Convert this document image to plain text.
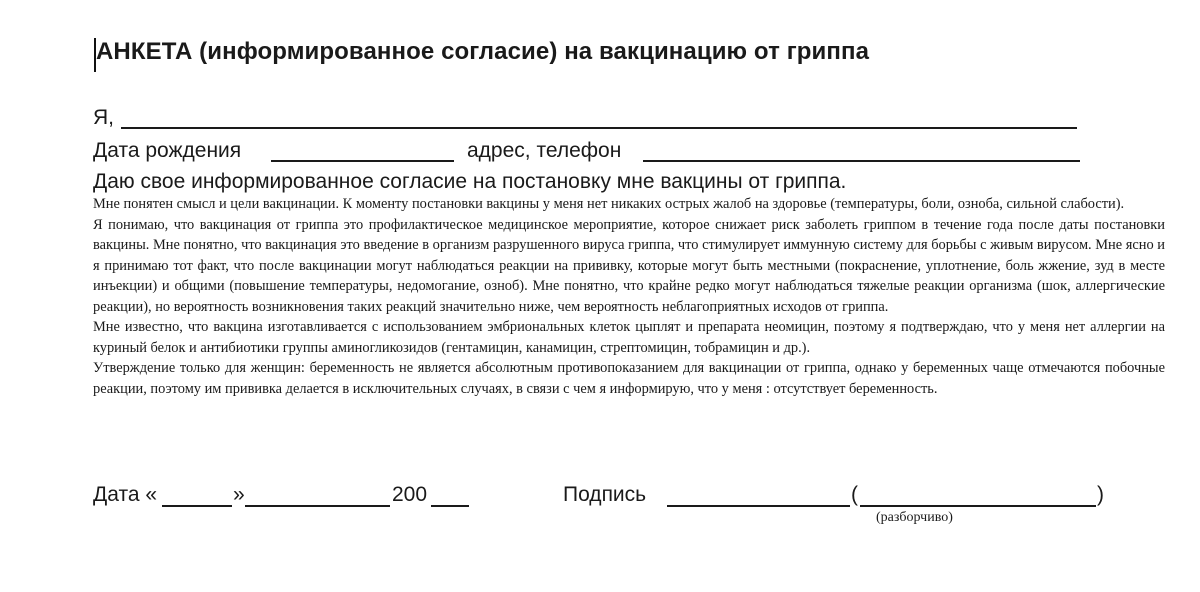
АНКЕТА (информированное согласие) на вакцинацию от гриппа
Я,
Дата рождения	адрес, телефон
Даю свое информированное согласие на постановку мне вакцины от гриппа.

Мне понятен смысл и цели вакцинации. К моменту постановки вакцины у меня нет никаких острых жалоб на здоровье (температуры, боли, озноба, сильной слабости).

Я понимаю, что вакцинация от гриппа это профилактическое медицинское мероприятие, которое снижает риск заболеть гриппом в течение года после даты постановки вакцины. Мне понятно, что вакцинация это введение в организм разрушенного вируса гриппа, что стимулирует иммунную систему для борьбы с живым вирусом. Мне ясно и я принимаю тот факт, что после вакцинации могут наблюдаться реакции на прививку, которые могут быть местными (покраснение, уплотнение, боль жжение, зуд в месте инъекции) и общими (повышение температуры, недомогание, озноб). Мне понятно, что крайне редко могут наблюдаться тяжелые реакции организма (шок, аллергические реакции), но вероятность возникновения таких реакций значительно ниже, чем вероятность неблагоприятных исходов от гриппа.

Мне известно, что вакцина изготавливается с использованием эмбриональных клеток цыплят и препарата неомицин, поэтому я подтверждаю, что у меня нет аллергии на куриный белок и антибиотики группы аминогликозидов (гентамицин, канамицин, стрептомицин, тобрамицин и др.).

Утверждение только для женщин: беременность не является абсолютным противопоказанием для вакцинации от гриппа, однако у беременных чаще отмечаются побочные реакции, поэтому им прививка делается в исключительных случаях, в связи с чем я информирую, что у меня : отсутствует беременность.

Дата «	»	200	Подпись	(	)
(разборчиво)
